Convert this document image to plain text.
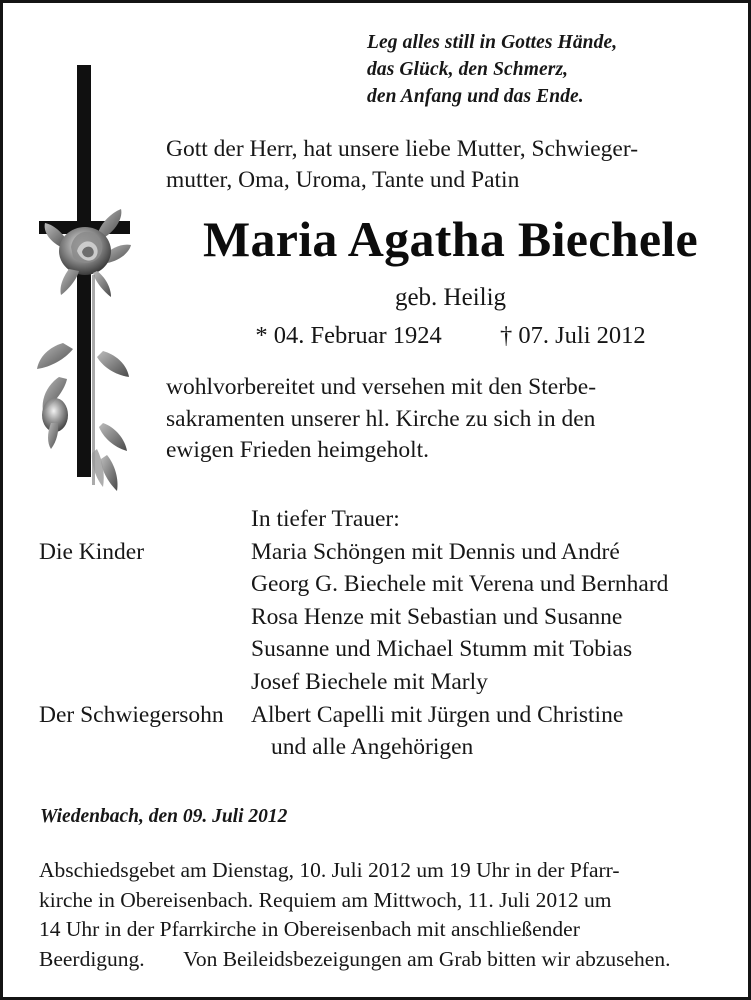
Leg alles still in Gottes Hände,
das Glück, den Schmerz,
den Anfang und das Ende.
Gott der Herr, hat unsere liebe Mutter, Schwieger-
mutter, Oma, Uroma, Tante und Patin
Maria Agatha Biechele
geb. Heilig
* 04. Februar 1924 † 07. Juli 2012
wohlvorbereitet und versehen mit den Sterbe-
sakramenten unserer hl. Kirche zu sich in den
ewigen Frieden heimgeholt.
In tiefer Trauer:
Die Kinder	Maria Schöngen mit Dennis und André
Georg G. Biechele mit Verena und Bernhard
Rosa Henze mit Sebastian und Susanne
Susanne und Michael Stumm mit Tobias
Josef Biechele mit Marly
Der Schwiegersohn Albert Capelli mit Jürgen und Christine
und alle Angehörigen
Wiedenbach, den 09. Juli 2012
Abschiedsgebet am Dienstag, 10. Juli 2012 um 19 Uhr in der Pfarr-
kirche in Obereisenbach. Requiem am Mittwoch, 11. Juli 2012 um
14 Uhr in der Pfarrkirche in Obereisenbach mit anschließender
Beerdigung. Von Beileidsbezeigungen am Grab bitten wir abzusehen.
